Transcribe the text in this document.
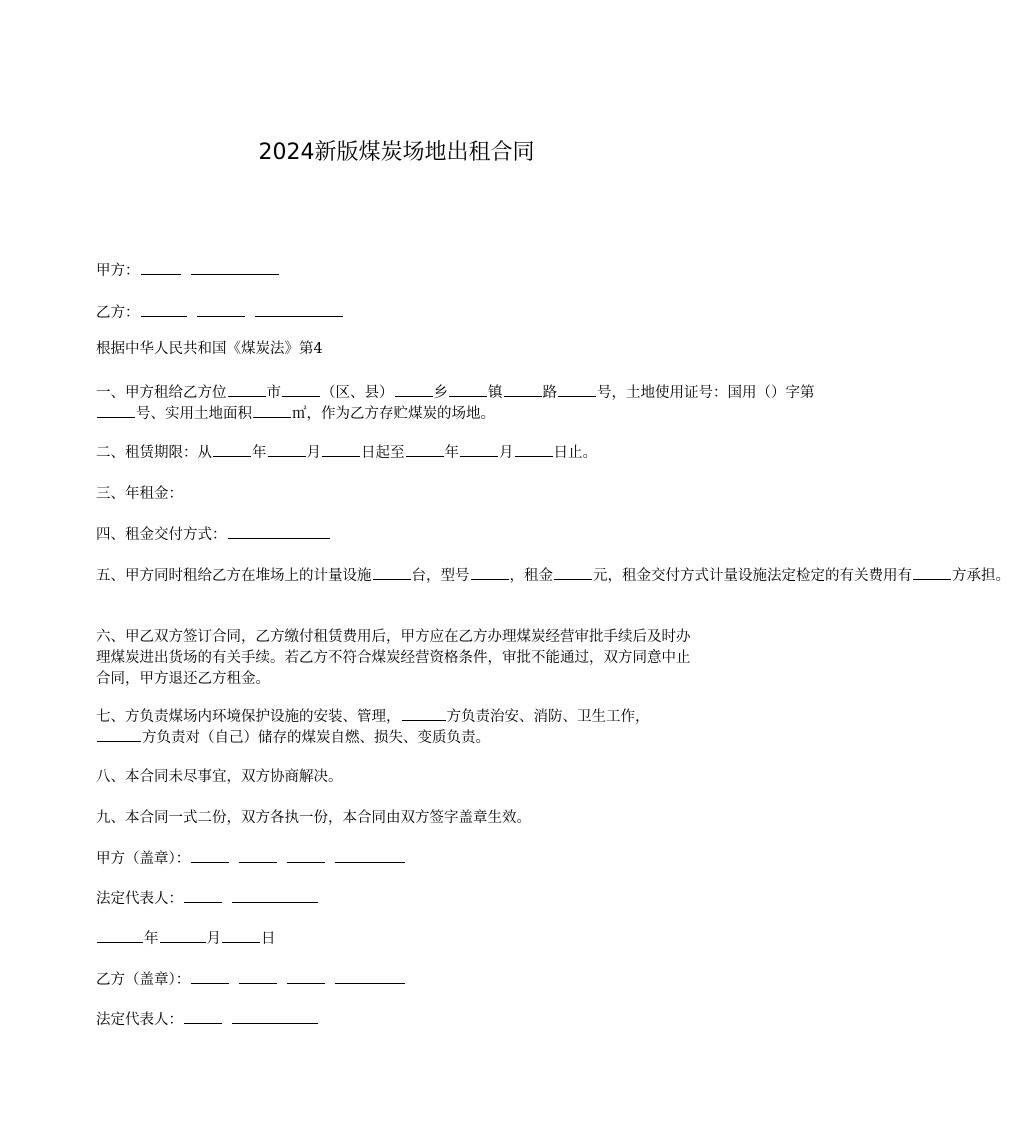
2024新版煤炭场地出租合同

甲方：

乙方：

根据中华人民共和国《煤炭法》第4

一、甲方租给乙方位	市	（区、县）	乡	镇	路	号，土地使用证号：国用（）字第

号、实用土地面积	㎡，作为乙方存贮煤炭的场地。

二、租赁期限：从	年	月	日起至	年	月	日止。

三、年租金：

四、租金交付方式：

五、甲方同时租给乙方在堆场上的计量设施	台，型号	，租金	元，租金交付方式计量设施法定检定的有关费用有	方承担。

六、甲乙双方签订合同，乙方缴付租赁费用后，甲方应在乙方办理煤炭经营审批手续后及时办理煤炭进出货场的有关手续。若乙方不符合煤炭经营资格条件，审批不能通过，双方同意中止合同，甲方退还乙方租金。

七、方负责煤场内环境保护设施的安装、管理，	方负责治安、消防、卫生工作，

方负责对（自己）储存的煤炭自燃、损失、变质负责。

八、本合同未尽事宜，双方协商解决。

九、本合同一式二份，双方各执一份，本合同由双方签字盖章生效。

甲方（盖章）：

法定代表人：

年	月	日

乙方（盖章）：

法定代表人：
